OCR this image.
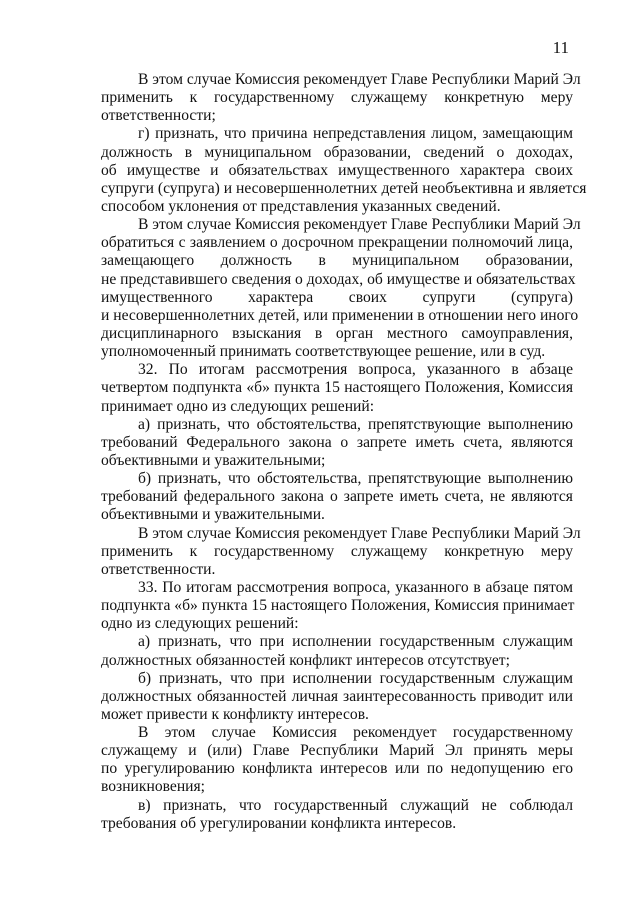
11
В этом случае Комиссия рекомендует Главе Республики Марий Эл
применить к государственному служащему конкретную меру
ответственности;
г) признать, что причина непредставления лицом, замещающим
должность в муниципальном образовании, сведений о доходах,
об имуществе и обязательствах имущественного характера своих
супруги (супруга) и несовершеннолетних детей необъективна и является
способом уклонения от представления указанных сведений.
В этом случае Комиссия рекомендует Главе Республики Марий Эл
обратиться с заявлением о досрочном прекращении полномочий лица,
замещающего должность в муниципальном образовании,
не представившего сведения о доходах, об имуществе и обязательствах
имущественного характера своих супруги (супруга)
и несовершеннолетних детей, или применении в отношении него иного
дисциплинарного взыскания в орган местного самоуправления,
уполномоченный принимать соответствующее решение, или в суд.
32. По итогам рассмотрения вопроса, указанного в абзаце
четвертом подпункта «б» пункта 15 настоящего Положения, Комиссия
принимает одно из следующих решений:
а) признать, что обстоятельства, препятствующие выполнению
требований Федерального закона о запрете иметь счета, являются
объективными и уважительными;
б) признать, что обстоятельства, препятствующие выполнению
требований федерального закона о запрете иметь счета, не являются
объективными и уважительными.
В этом случае Комиссия рекомендует Главе Республики Марий Эл
применить к государственному служащему конкретную меру
ответственности.
33. По итогам рассмотрения вопроса, указанного в абзаце пятом
подпункта «б» пункта 15 настоящего Положения, Комиссия принимает
одно из следующих решений:
а) признать, что при исполнении государственным служащим
должностных обязанностей конфликт интересов отсутствует;
б) признать, что при исполнении государственным служащим
должностных обязанностей личная заинтересованность приводит или
может привести к конфликту интересов.
В этом случае Комиссия рекомендует государственному
служащему и (или) Главе Республики Марий Эл принять меры
по урегулированию конфликта интересов или по недопущению его
возникновения;
в) признать, что государственный служащий не соблюдал
требования об урегулировании конфликта интересов.
